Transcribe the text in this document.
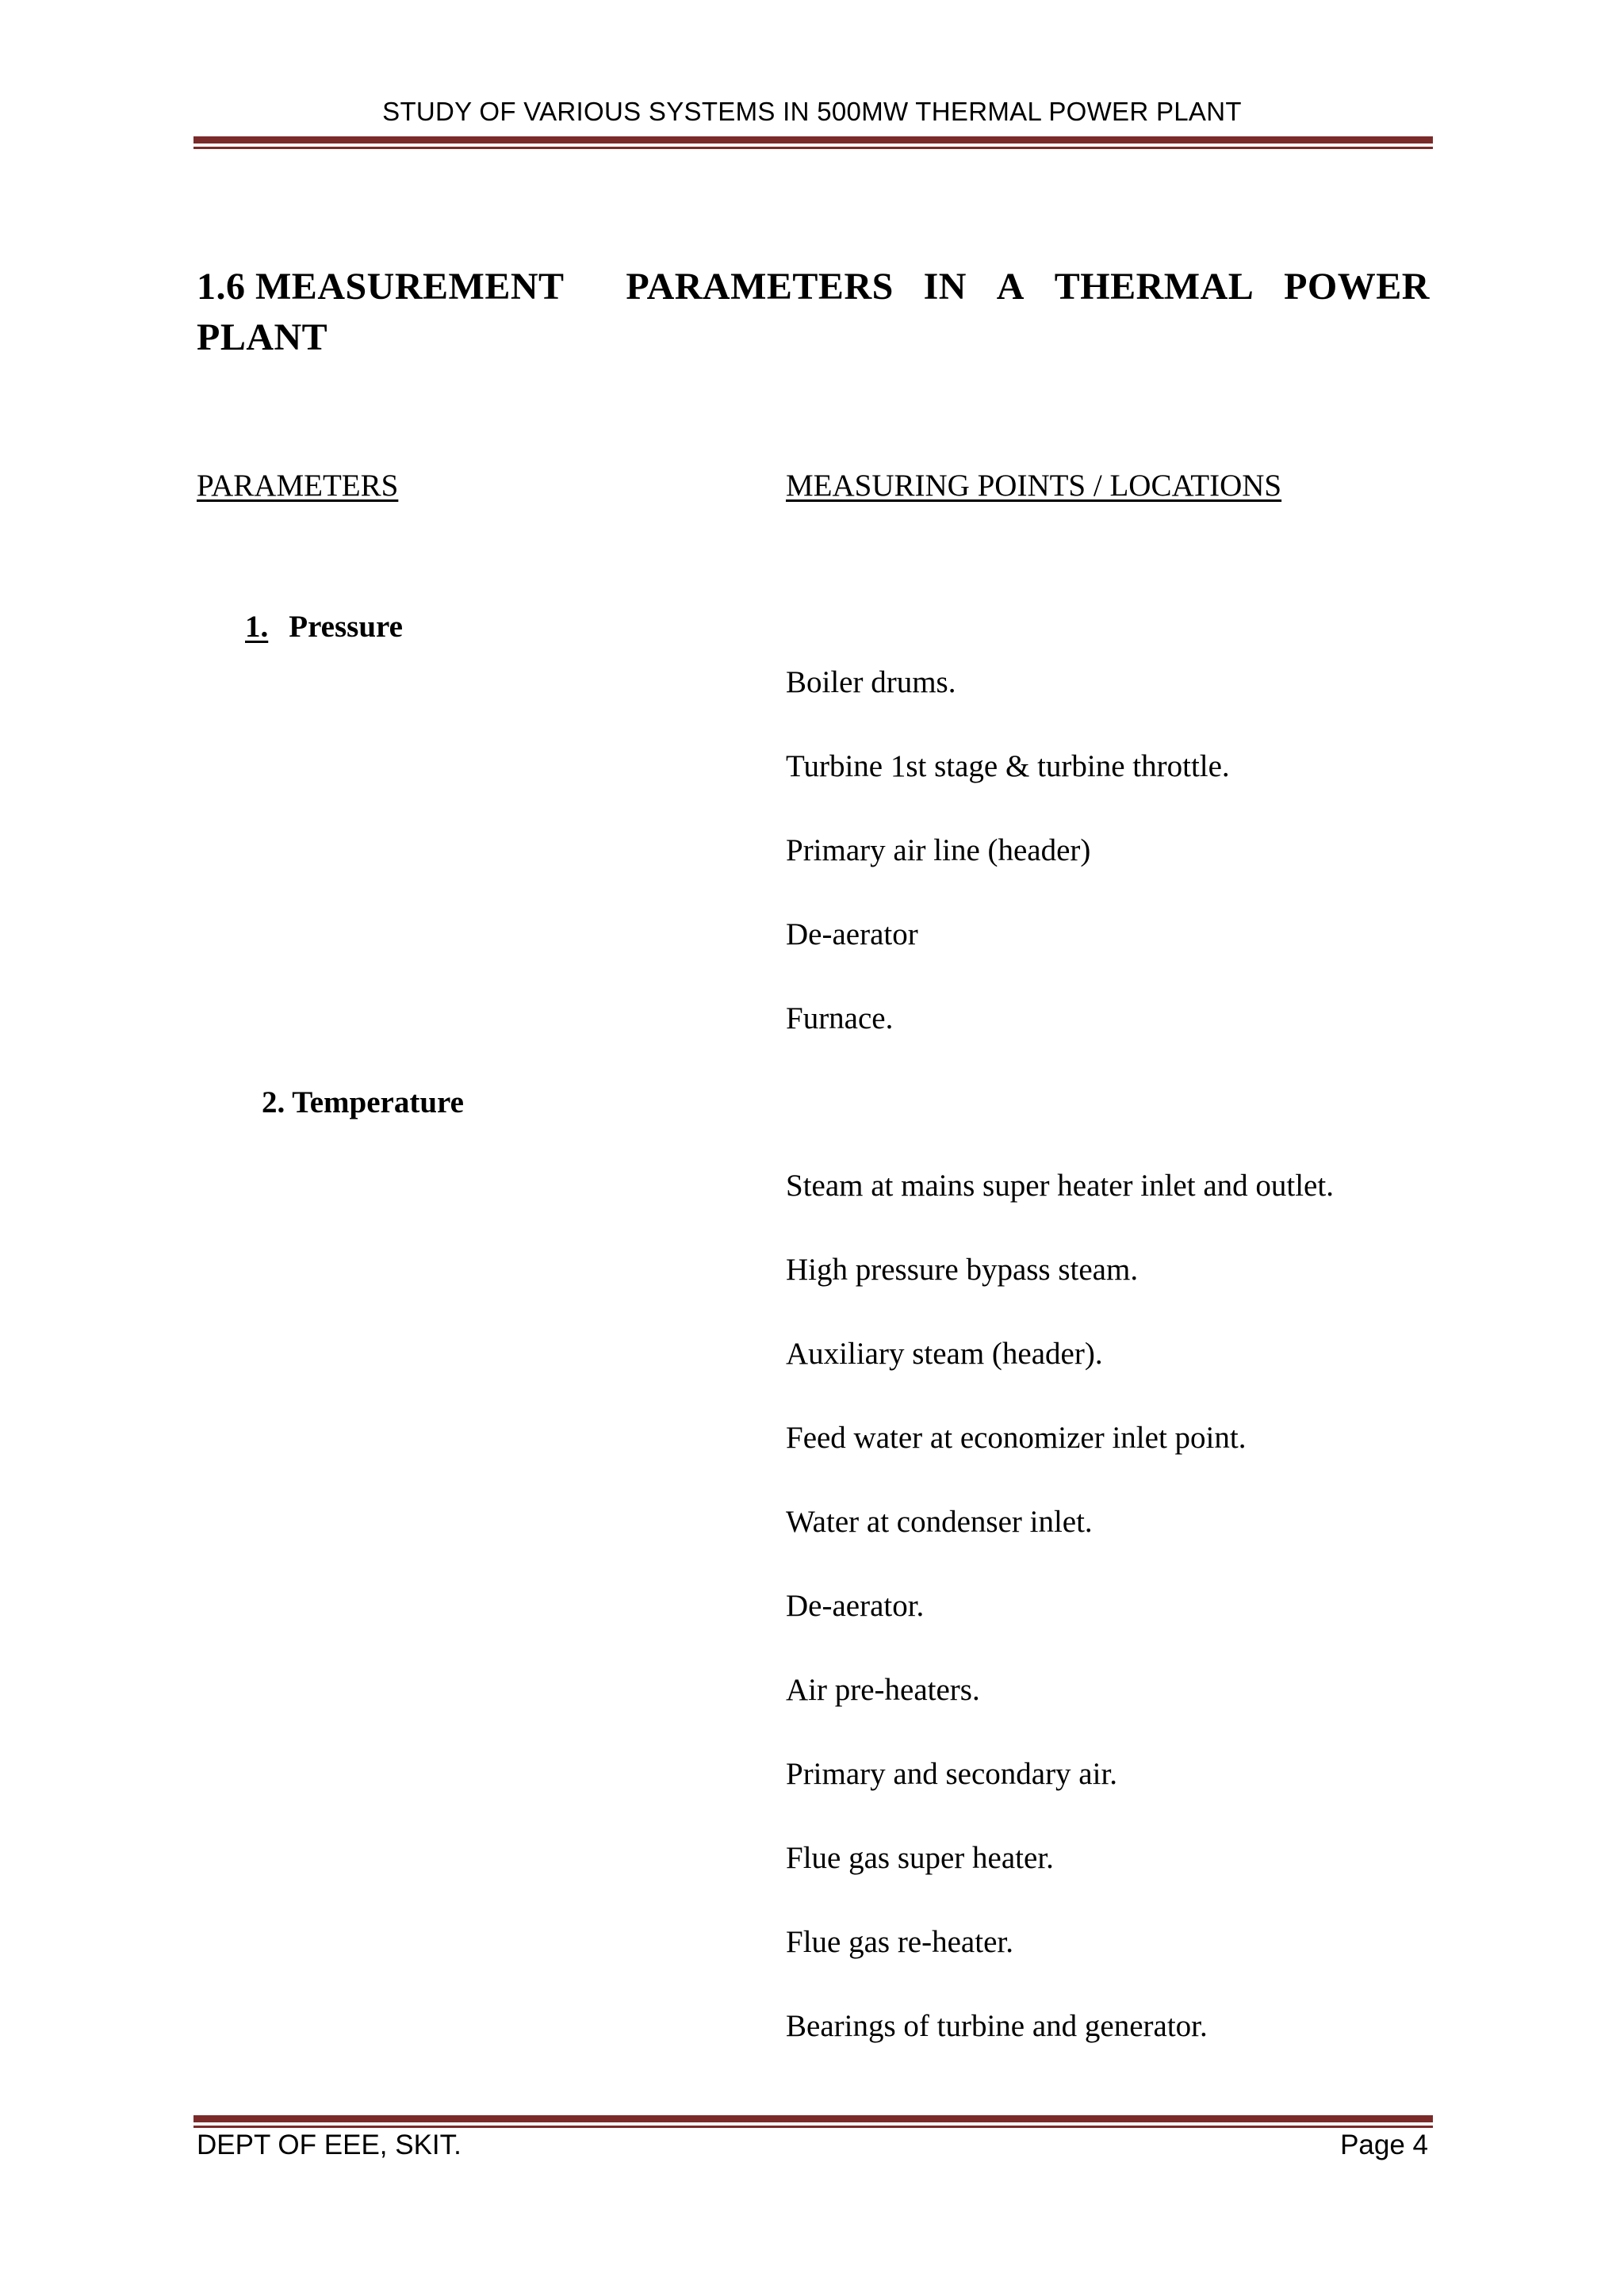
STUDY OF VARIOUS SYSTEMS IN 500MW THERMAL POWER PLANT
1.6 MEASUREMENT PARAMETERS IN A THERMAL POWER
PLANT
PARAMETERS	MEASURING POINTS / LOCATIONS
1. Pressure
Boiler drums.
Turbine 1st stage & turbine throttle.
Primary air line (header)
De-aerator
Furnace.
2. Temperature
Steam at mains super heater inlet and outlet.
High pressure bypass steam.
Auxiliary steam (header).
Feed water at economizer inlet point.
Water at condenser inlet.
De-aerator.
Air pre-heaters.
Primary and secondary air.
Flue gas super heater.
Flue gas re-heater.
Bearings of turbine and generator.
DEPT OF EEE, SKIT.	Page 4
